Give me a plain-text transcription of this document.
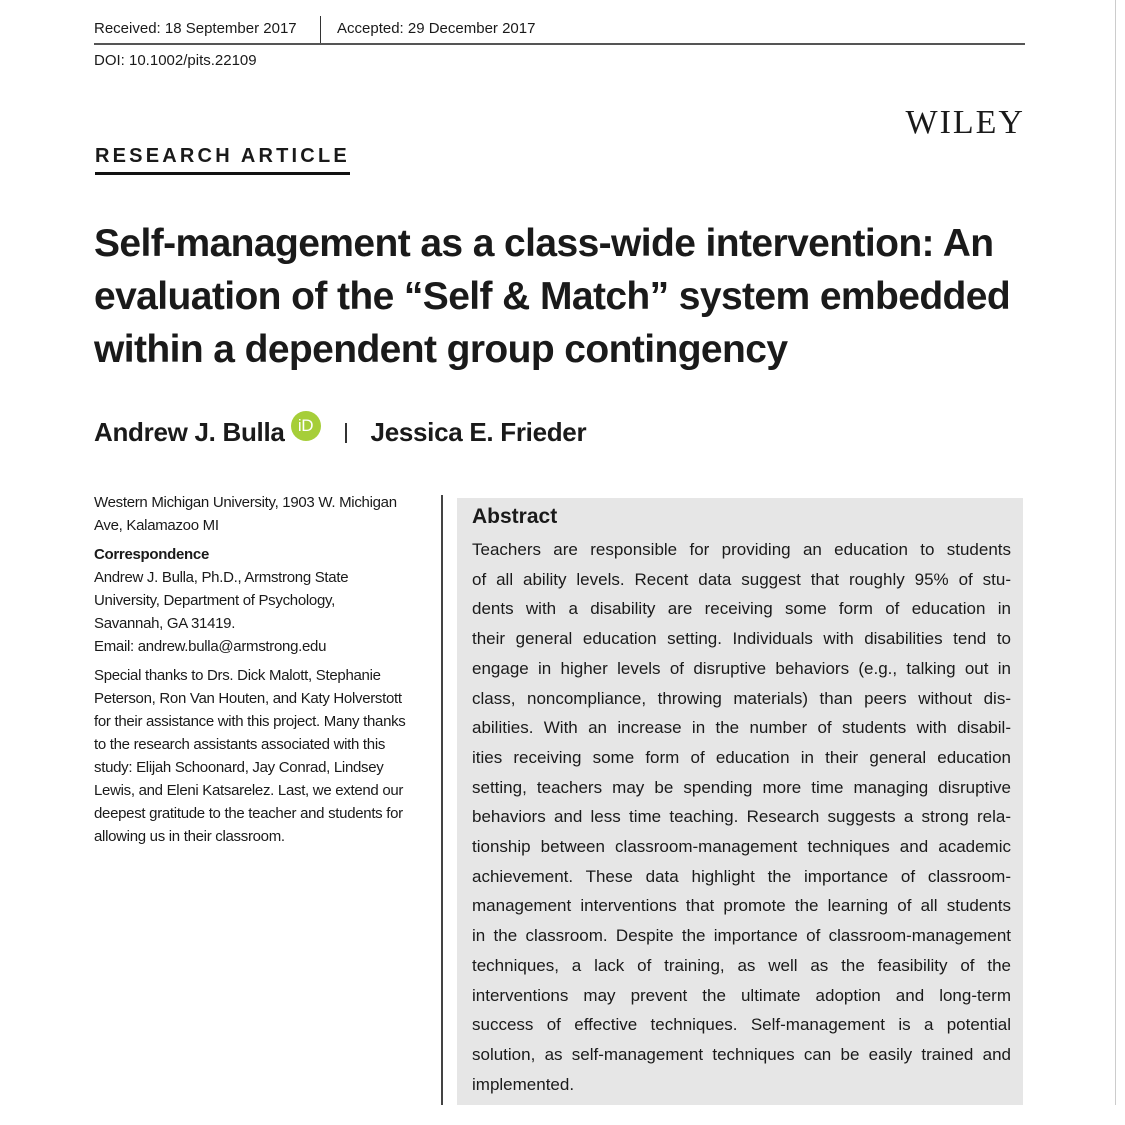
Received: 18 September 2017	Accepted: 29 December 2017
DOI: 10.1002/pits.22109
WILEY
RESEARCH ARTICLE
Self-management as a class-wide intervention: An
evaluation of the “Self & Match” system embedded
within a dependent group contingency
Andrew J. Bulla iD Jessica E. Frieder
Western Michigan University, 1903 W. Michigan
Ave, Kalamazoo MI
Correspondence
Andrew J. Bulla, Ph.D., Armstrong State
University, Department of Psychology,
Savannah, GA 31419.
Email: andrew.bulla@armstrong.edu
Special thanks to Drs. Dick Malott, Stephanie
Peterson, Ron Van Houten, and Katy Holverstott
for their assistance with this project. Many thanks
to the research assistants associated with this
study: Elijah Schoonard, Jay Conrad, Lindsey
Lewis, and Eleni Katsarelez. Last, we extend our
deepest gratitude to the teacher and students for
allowing us in their classroom.
Abstract
Teachers are responsible for providing an education to students
of all ability levels. Recent data suggest that roughly 95% of stu-
dents with a disability are receiving some form of education in
their general education setting. Individuals with disabilities tend to
engage in higher levels of disruptive behaviors (e.g., talking out in
class, noncompliance, throwing materials) than peers without dis-
abilities. With an increase in the number of students with disabil-
ities receiving some form of education in their general education
setting, teachers may be spending more time managing disruptive
behaviors and less time teaching. Research suggests a strong rela-
tionship between classroom-management techniques and academic
achievement. These data highlight the importance of classroom-
management interventions that promote the learning of all students
in the classroom. Despite the importance of classroom-management
techniques, a lack of training, as well as the feasibility of the
interventions may prevent the ultimate adoption and long-term
success of effective techniques. Self-management is a potential
solution, as self-management techniques can be easily trained and
implemented.
